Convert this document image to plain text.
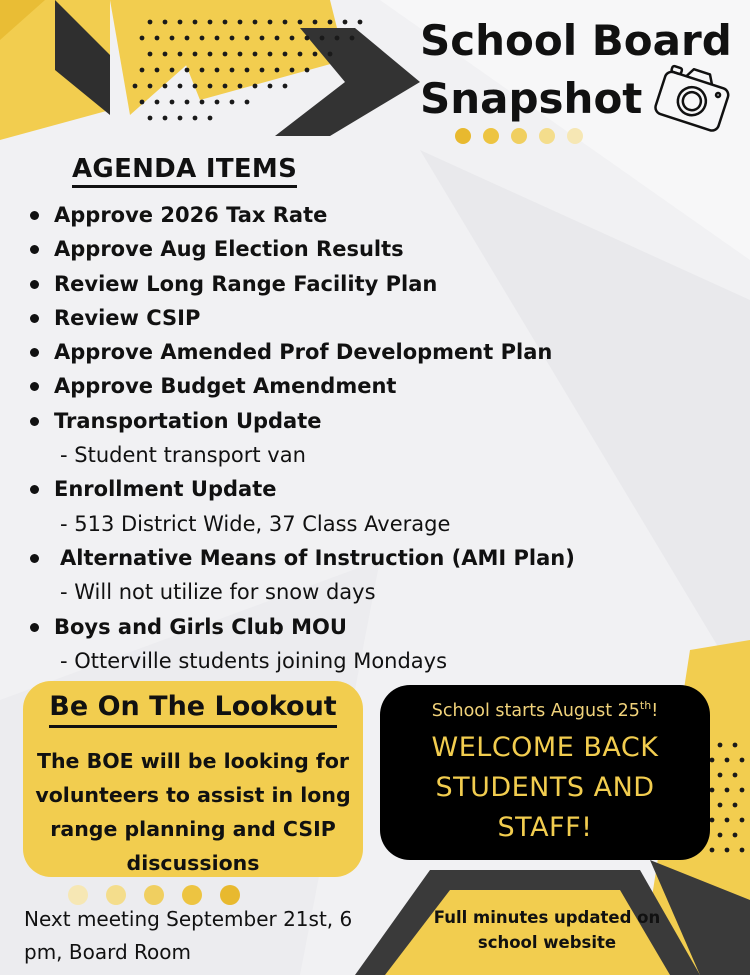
School Board
Snapshot
AGENDA ITEMS
Approve 2026 Tax Rate
Approve Aug Election Results
Review Long Range Facility Plan
Review CSIP
Approve Amended Prof Development Plan
Approve Budget Amendment
Transportation Update
- Student transport van
Enrollment Update
- 513 District Wide, 37 Class Average
Alternative Means of Instruction (AMI Plan)
- Will not utilize for snow days
Boys and Girls Club MOU
- Otterville students joining Mondays
Be On The Lookout
The BOE will be looking for volunteers to assist in long range planning and CSIP discussions
School starts August 25th!
WELCOME BACK STUDENTS AND STAFF!

Next meeting September 21st, 6 pm, Board Room

Full minutes updated on school website
